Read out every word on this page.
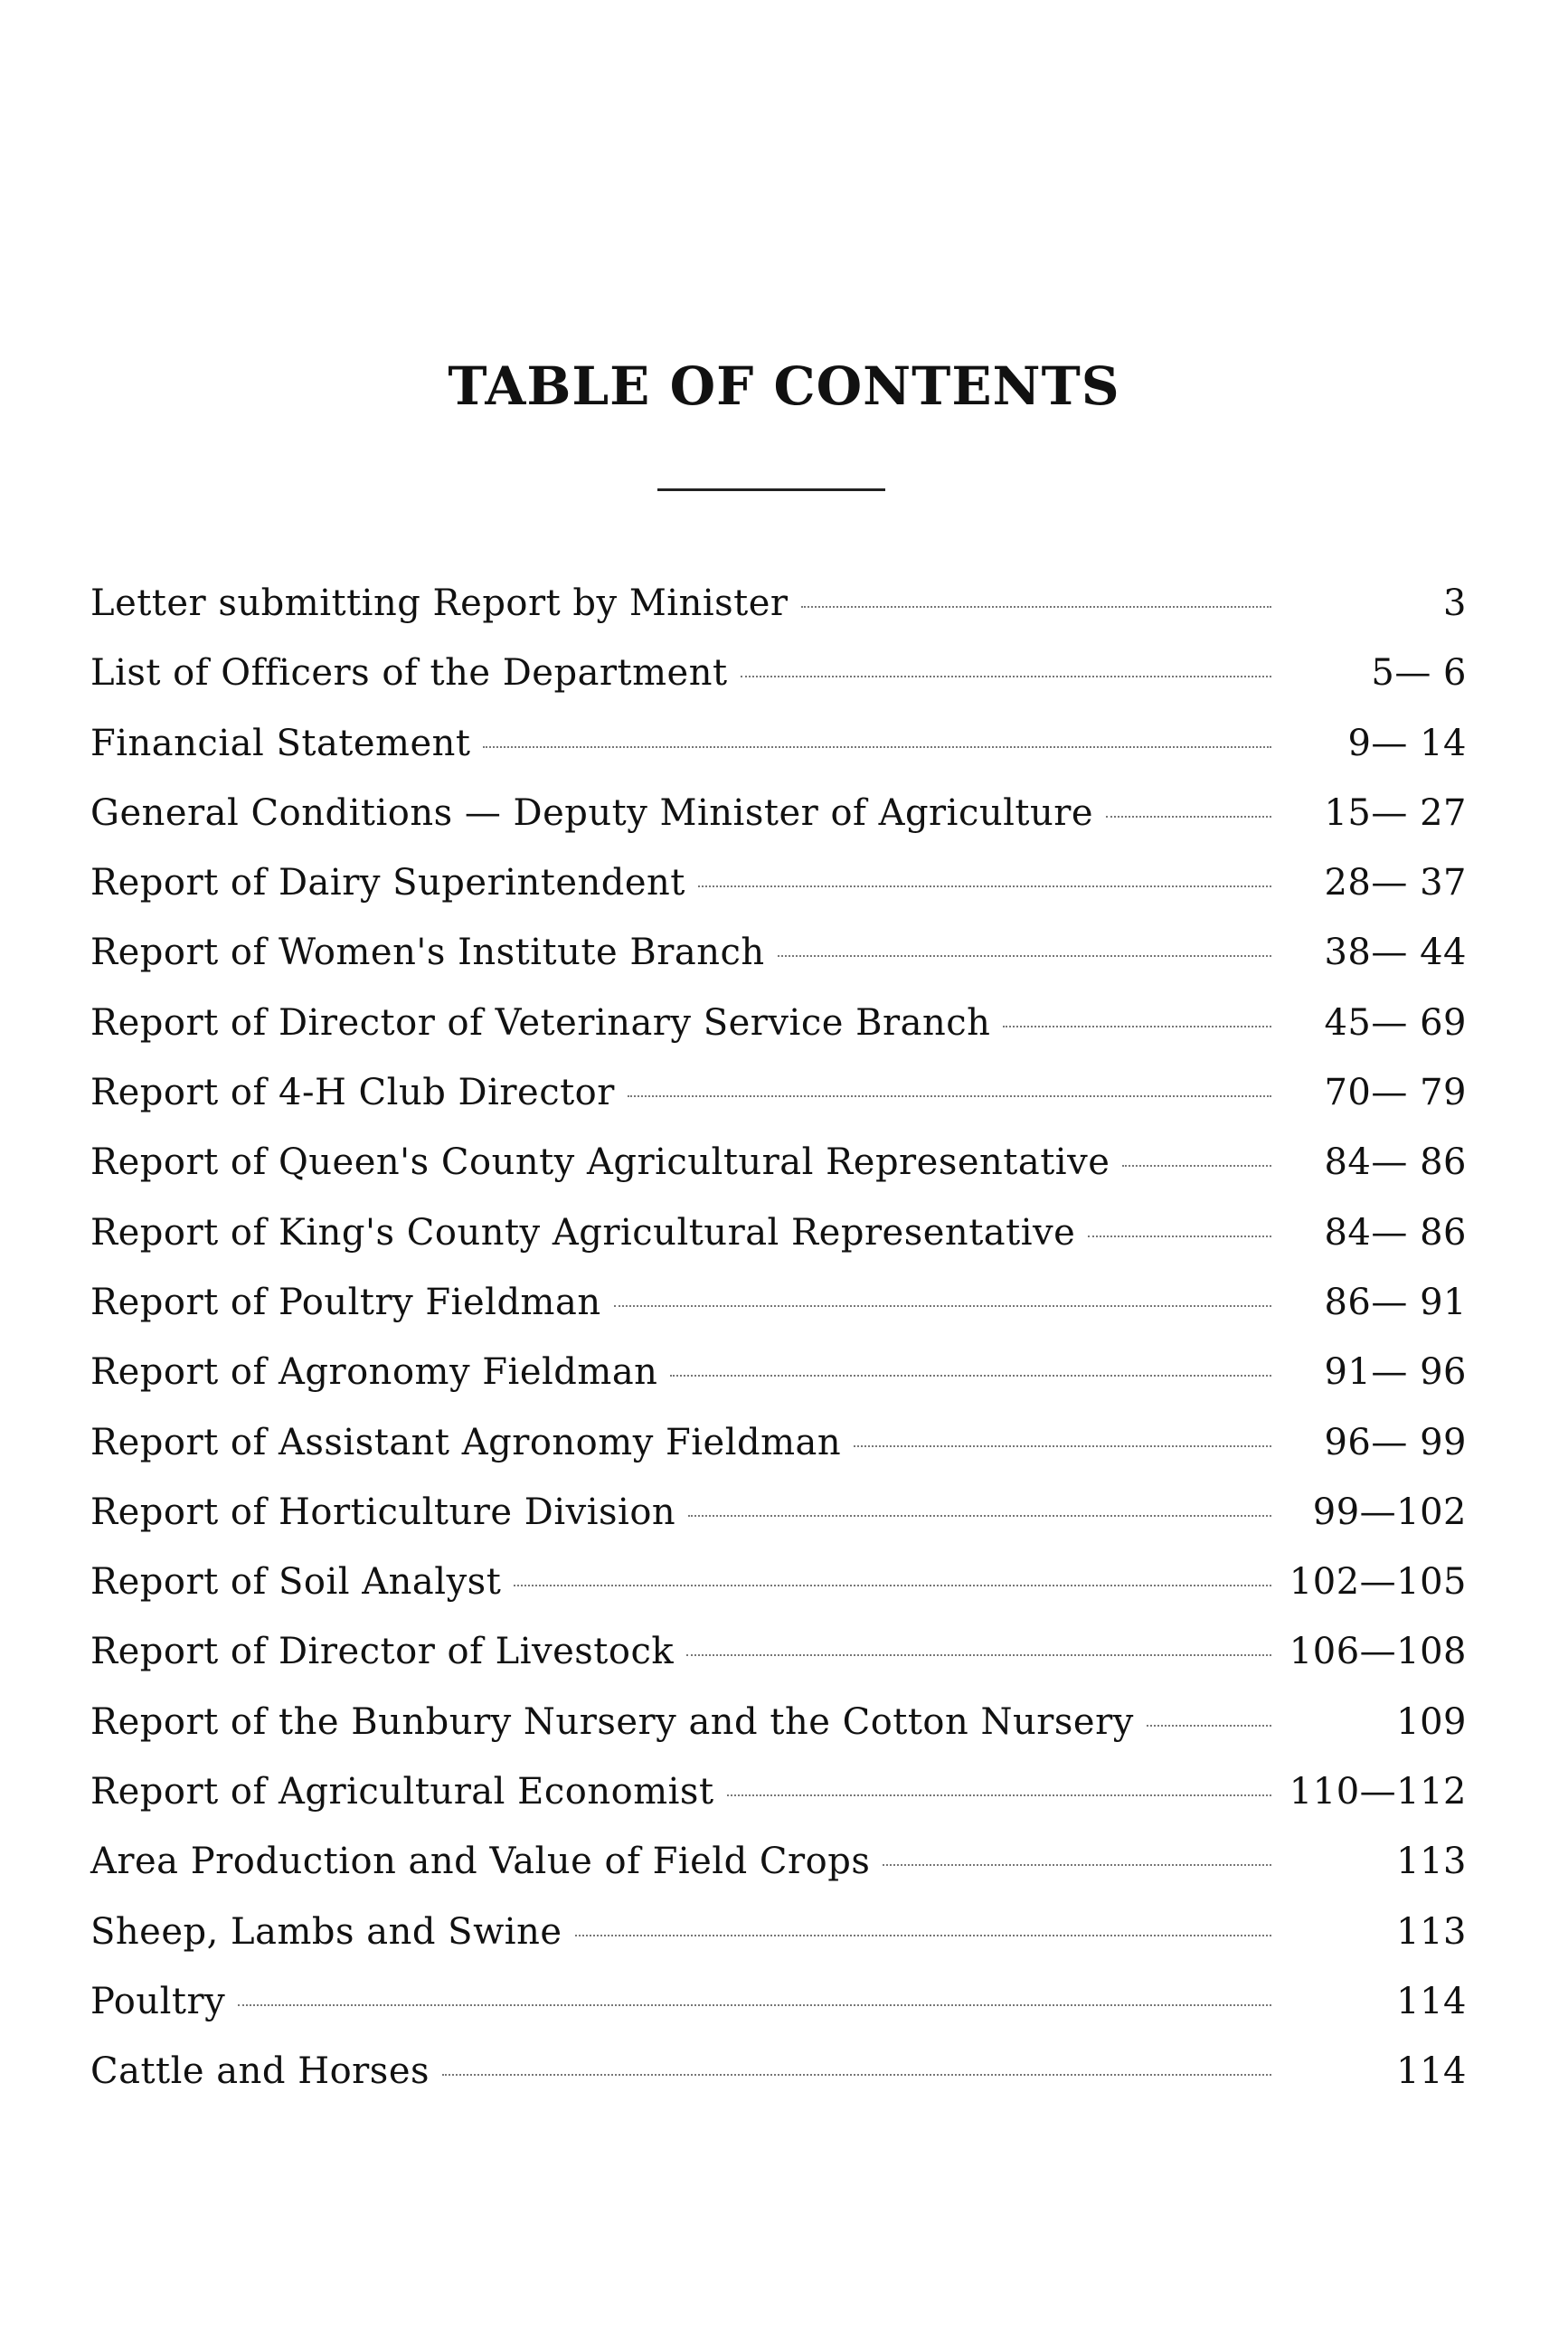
TABLE OF CONTENTS
Letter submitting Report by Minister	3
List of Officers of the Department	5— 6
Financial Statement	9— 14
General Conditions — Deputy Minister of Agriculture	15— 27
Report of Dairy Superintendent	28— 37
Report of Women's Institute Branch	38— 44
Report of Director of Veterinary Service Branch	45— 69
Report of 4-H Club Director	70— 79
Report of Queen's County Agricultural Representative	84— 86
Report of King's County Agricultural Representative	84— 86
Report of Poultry Fieldman	86— 91
Report of Agronomy Fieldman	91— 96
Report of Assistant Agronomy Fieldman	96— 99
Report of Horticulture Division	99—102
Report of Soil Analyst	102—105
Report of Director of Livestock	106—108
Report of the Bunbury Nursery and the Cotton Nursery	109
Report of Agricultural Economist	110—112
Area Production and Value of Field Crops	113
Sheep, Lambs and Swine	113
Poultry	114
Cattle and Horses	114
